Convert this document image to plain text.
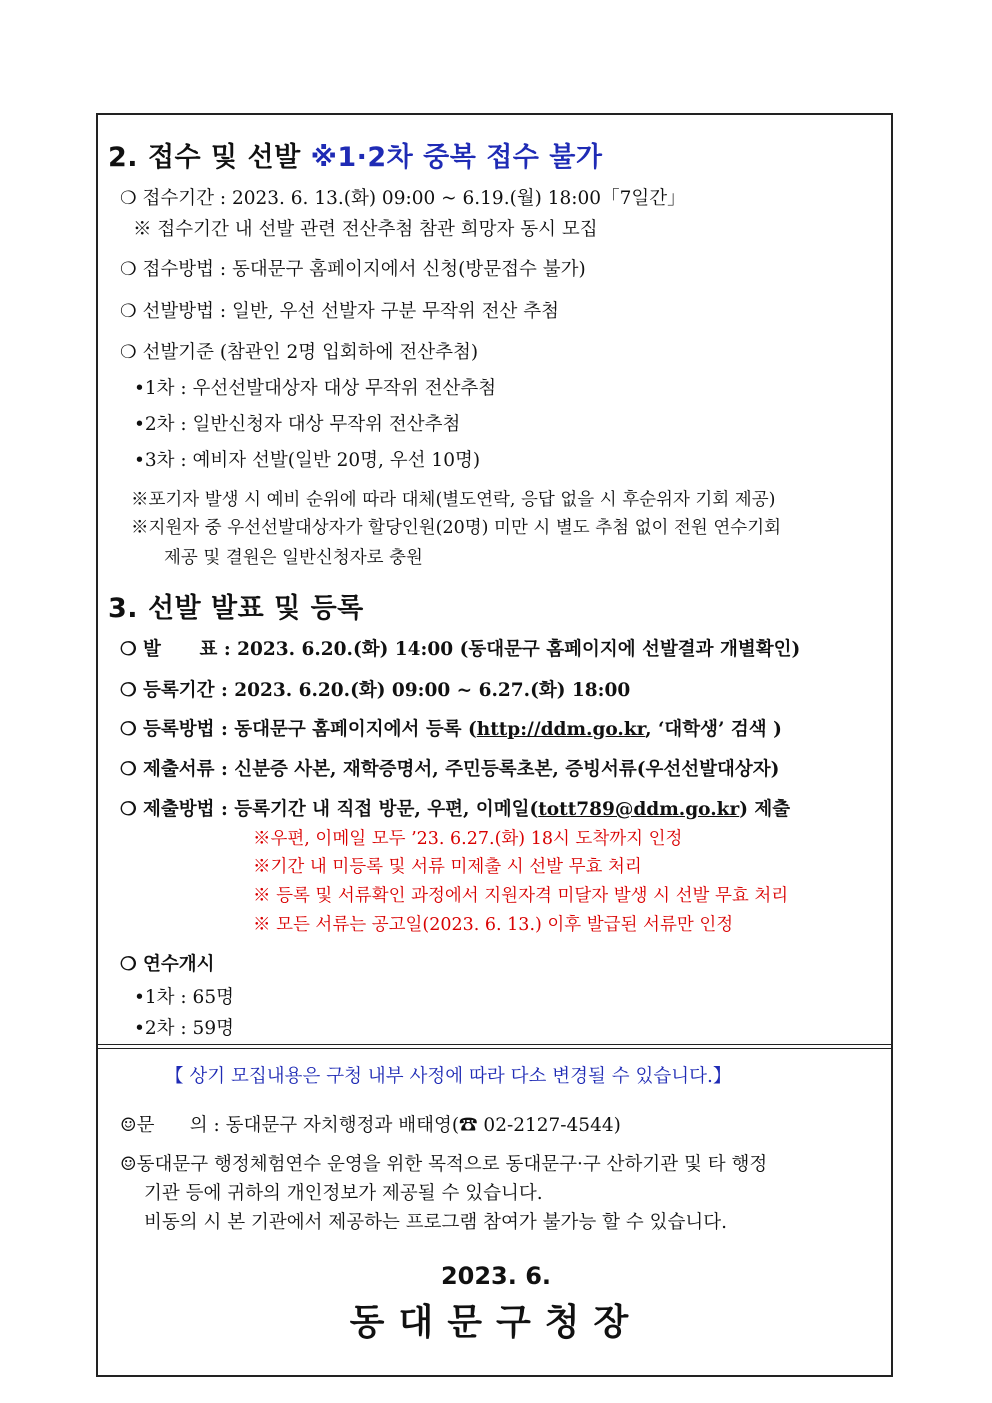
2. 접수 및 선발 ※1·2차 중복 접수 불가
❍ 접수기간 : 2023. 6. 13.(화) 09:00 ~ 6.19.(월) 18:00「7일간」
※ 접수기간 내 선발 관련 전산추첨 참관 희망자 동시 모집
❍ 접수방법 : 동대문구 홈페이지에서 신청(방문접수 불가)
❍ 선발방법 : 일반, 우선 선발자 구분 무작위 전산 추첨
❍ 선발기준 (참관인 2명 입회하에 전산추첨)
•1차 : 우선선발대상자 대상 무작위 전산추첨
•2차 : 일반신청자 대상 무작위 전산추첨
•3차 : 예비자 선발(일반 20명, 우선 10명)
※포기자 발생 시 예비 순위에 따라 대체(별도연락, 응답 없을 시 후순위자 기회 제공)
※지원자 중 우선선발대상자가 할당인원(20명) 미만 시 별도 추첨 없이 전원 연수기회
제공 및 결원은 일반신청자로 충원
3. 선발 발표 및 등록
❍ 발      표 : 2023. 6.20.(화) 14:00 (동대문구 홈페이지에 선발결과 개별확인)
❍ 등록기간 : 2023. 6.20.(화) 09:00 ~ 6.27.(화) 18:00
❍ 등록방법 : 동대문구 홈페이지에서 등록 (http://ddm.go.kr, ‘대학생’ 검색 )
❍ 제출서류 : 신분증 사본, 재학증명서, 주민등록초본, 증빙서류(우선선발대상자)
❍ 제출방법 : 등록기간 내 직접 방문, 우편, 이메일(tott789@ddm.go.kr) 제출
※우편, 이메일 모두 ’23. 6.27.(화) 18시 도착까지 인정
※기간 내 미등록 및 서류 미제출 시 선발 무효 처리
※ 등록 및 서류확인 과정에서 지원자격 미달자 발생 시 선발 무효 처리
※ 모든 서류는 공고일(2023. 6. 13.) 이후 발급된 서류만 인정
❍ 연수개시
•1차 : 65명
•2차 : 59명
【 상기 모집내용은 구청 내부 사정에 따라 다소 변경될 수 있습니다.】
☺문      의 : 동대문구 자치행정과 배태영(☎ 02-2127-4544)
☺동대문구 행정체험연수 운영을 위한 목적으로 동대문구·구 산하기관 및 타 행정
기관 등에 귀하의 개인정보가 제공될 수 있습니다.
비동의 시 본 기관에서 제공하는 프로그램 참여가 불가능 할 수 있습니다.
2023. 6.
동대문구청장
